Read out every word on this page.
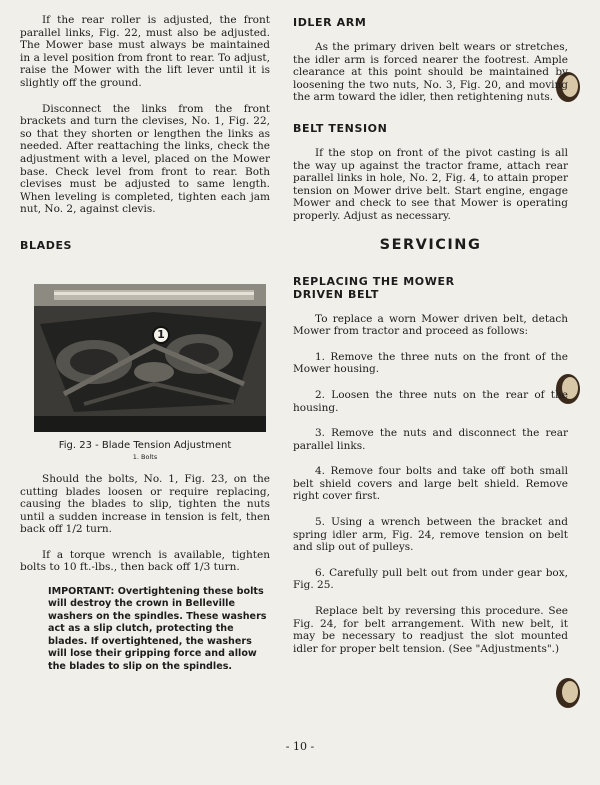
If the rear roller is adjusted, the front parallel links, Fig. 22, must also be adjusted. The Mower base must always be maintained in a level position from front to rear. To adjust, raise the Mower with the lift lever until it is slightly off the ground.

Disconnect the links from the front brackets and turn the clevises, No. 1, Fig. 22, so that they shorten or lengthen the links as needed. After reattaching the links, check the adjustment with a level, placed on the Mower base. Check level from front to rear. Both clevises must be adjusted to same length. When leveling is completed, tighten each jam nut, No. 2, against clevis.

BLADES
1
Fig. 23 - Blade Tension Adjustment
1. Bolts

Should the bolts, No. 1, Fig. 23, on the cutting blades loosen or require replacing, causing the blades to slip, tighten the nuts until a sudden increase in tension is felt, then back off 1/2 turn.

If a torque wrench is available, tighten bolts to 10 ft.-lbs., then back off 1/3 turn.

IMPORTANT: Overtightening these bolts will destroy the crown in Belleville washers on the spindles. These washers act as a slip clutch, protecting the blades. If overtightened, the washers will lose their gripping force and allow the blades to slip on the spindles.

IDLER ARM

As the primary driven belt wears or stretches, the idler arm is forced nearer the footrest. Ample clearance at this point should be maintained by loosening the two nuts, No. 3, Fig. 20, and moving the arm toward the idler, then retightening nuts.

BELT TENSION

If the stop on front of the pivot casting is all the way up against the tractor frame, attach rear parallel links in hole, No. 2, Fig. 4, to attain proper tension on Mower drive belt. Start engine, engage Mower and check to see that Mower is operating properly. Adjust as necessary.

SERVICING
REPLACING THE MOWER
DRIVEN BELT

To replace a worn Mower driven belt, detach Mower from tractor and proceed as follows:

1. Remove the three nuts on the front of the Mower housing.

2. Loosen the three nuts on the rear of the housing.

3. Remove the nuts and disconnect the rear parallel links.

4. Remove four bolts and take off both small belt shield covers and large belt shield. Remove right cover first.

5. Using a wrench between the bracket and spring idler arm, Fig. 24, remove tension on belt and slip out of pulleys.

6. Carefully pull belt out from under gear box, Fig. 25.

Replace belt by reversing this procedure. See Fig. 24, for belt arrangement. With new belt, it may be necessary to readjust the slot mounted idler for proper belt tension. (See "Adjustments".)

- 10 -
